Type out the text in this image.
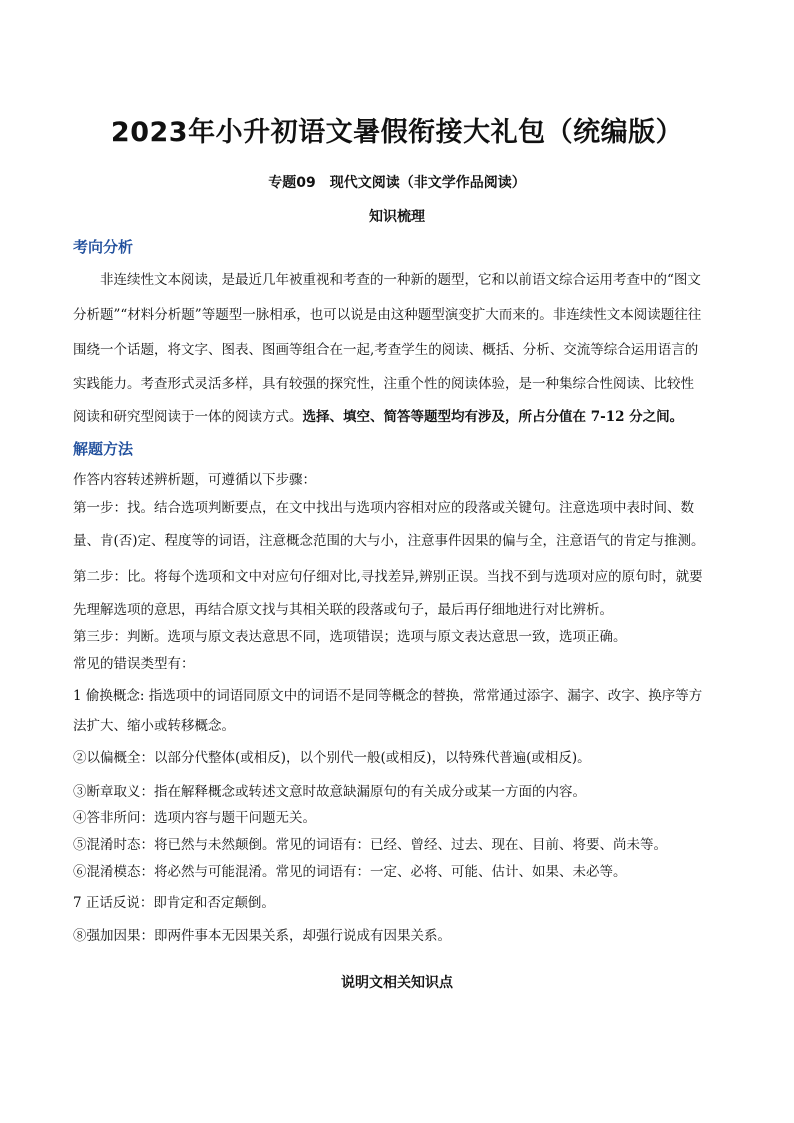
2023年小升初语文暑假衔接大礼包（统编版）
专题09　现代文阅读（非文学作品阅读）
知识梳理
考向分析
非连续性文本阅读，是最近几年被重视和考查的一种新的题型，它和以前语文综合运用考查中的“图文
分析题”“材料分析题”等题型一脉相承，也可以说是由这种题型演变扩大而来的。非连续性文本阅读题往往
围绕一个话题，将文字、图表、图画等组合在一起,考查学生的阅读、概括、分析、交流等综合运用语言的
实践能力。考查形式灵活多样，具有较强的探究性，注重个性的阅读体验，是一种集综合性阅读、比较性
阅读和研究型阅读于一体的阅读方式。选择、填空、简答等题型均有涉及，所占分值在 7-12 分之间。
解题方法
作答内容转述辨析题，可遵循以下步骤：
第一步：找。结合选项判断要点，在文中找出与选项内容相对应的段落或关键句。注意选项中表时间、数
量、肯(否)定、程度等的词语，注意概念范围的大与小，注意事件因果的偏与全，注意语气的肯定与推测。
第二步：比。将每个选项和文中对应句仔细对比,寻找差异,辨别正误。当找不到与选项对应的原句时，就要
先理解选项的意思，再结合原文找与其相关联的段落或句子，最后再仔细地进行对比辨析。
第三步：判断。选项与原文表达意思不同，选项错误；选项与原文表达意思一致，选项正确。
常见的错误类型有：
1 偷换概念: 指选项中的词语同原文中的词语不是同等概念的替换，常常通过添字、漏字、改字、换序等方
法扩大、缩小或转移概念。
②以偏概全：以部分代整体(或相反)，以个别代一般(或相反)，以特殊代普遍(或相反)。
③断章取义：指在解释概念或转述文意时故意缺漏原句的有关成分或某一方面的内容。
④答非所问：选项内容与题干问题无关。
⑤混淆时态：将已然与未然颠倒。常见的词语有：已经、曾经、过去、现在、目前、将要、尚未等。
⑥混淆模态：将必然与可能混淆。常见的词语有：一定、必将、可能、估计、如果、未必等。
7 正话反说：即肯定和否定颠倒。
⑧强加因果：即两件事本无因果关系，却强行说成有因果关系。
说明文相关知识点
